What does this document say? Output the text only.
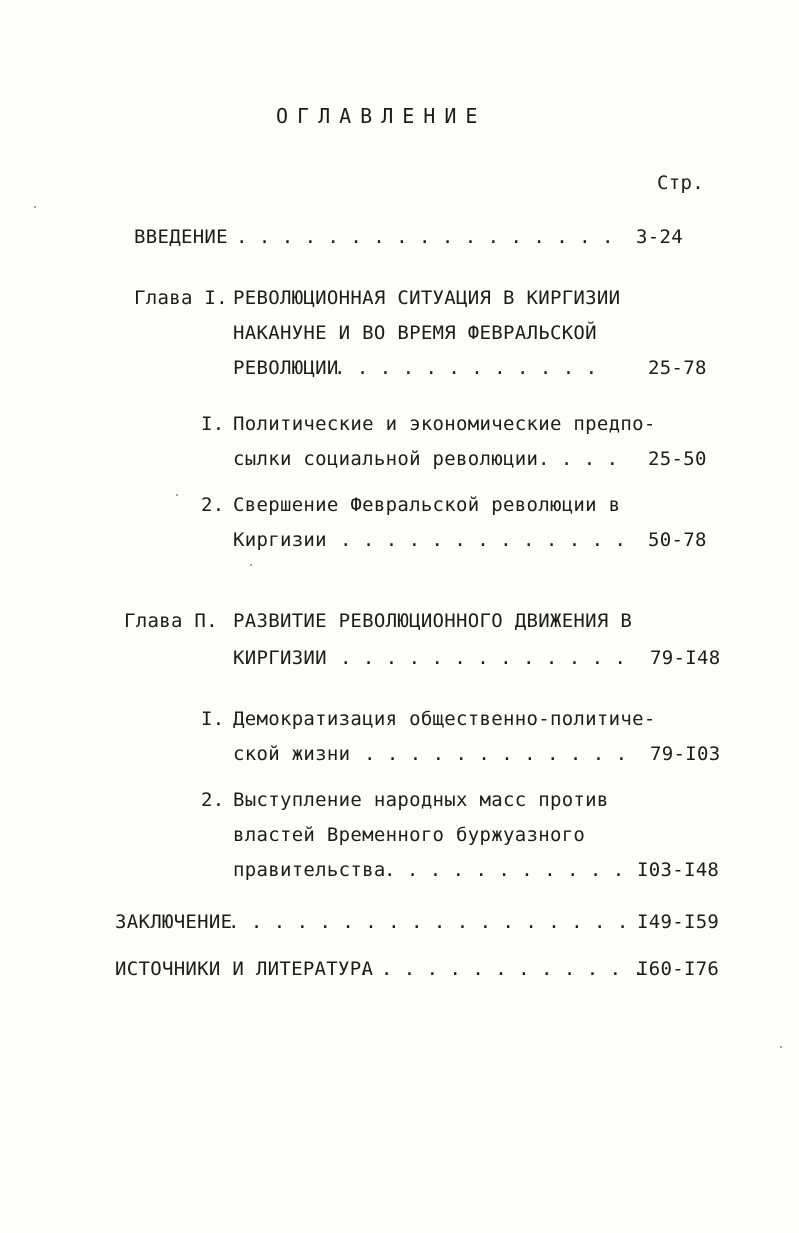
ОГЛАВЛЕНИЕ
Стр.
ВВЕДЕНИЕ . . . . . . . . . . . . . . . . . 3-24
Глава I. РЕВОЛЮЦИОННАЯ СИТУАЦИЯ В КИРГИЗИИ
НАКАНУНЕ И ВО ВРЕМЯ ФЕВРАЛЬСКОЙ
РЕВОЛЮЦИИ
. . . . . . . . . . . .	25-78
I. Политические и экономические предпо-
сылки социальной революции . . . . 25-50
2. Свершение Февральской революции в
Киргизии . . . . . . . . . . . . . 50-78
Глава П. РАЗВИТИЕ РЕВОЛЮЦИОННОГО ДВИЖЕНИЯ В
КИРГИЗИИ . . . . . . . . . . . . . 79-I48
I. Демократизация общественно-политиче-
ской жизни . . . . . . . . . . . . 79-I03
2. Выступление народных масс против
властей Временного буржуазного
правительства
. . . . . . . . . . . I03-I48
ЗАКЛЮЧЕНИЕ
. . . . . . . . . . . . . . . . . . I49-I59
ИСТОЧНИКИ И ЛИТЕРАТУРА
. . . . . . . . . . . . .
I60-I76
